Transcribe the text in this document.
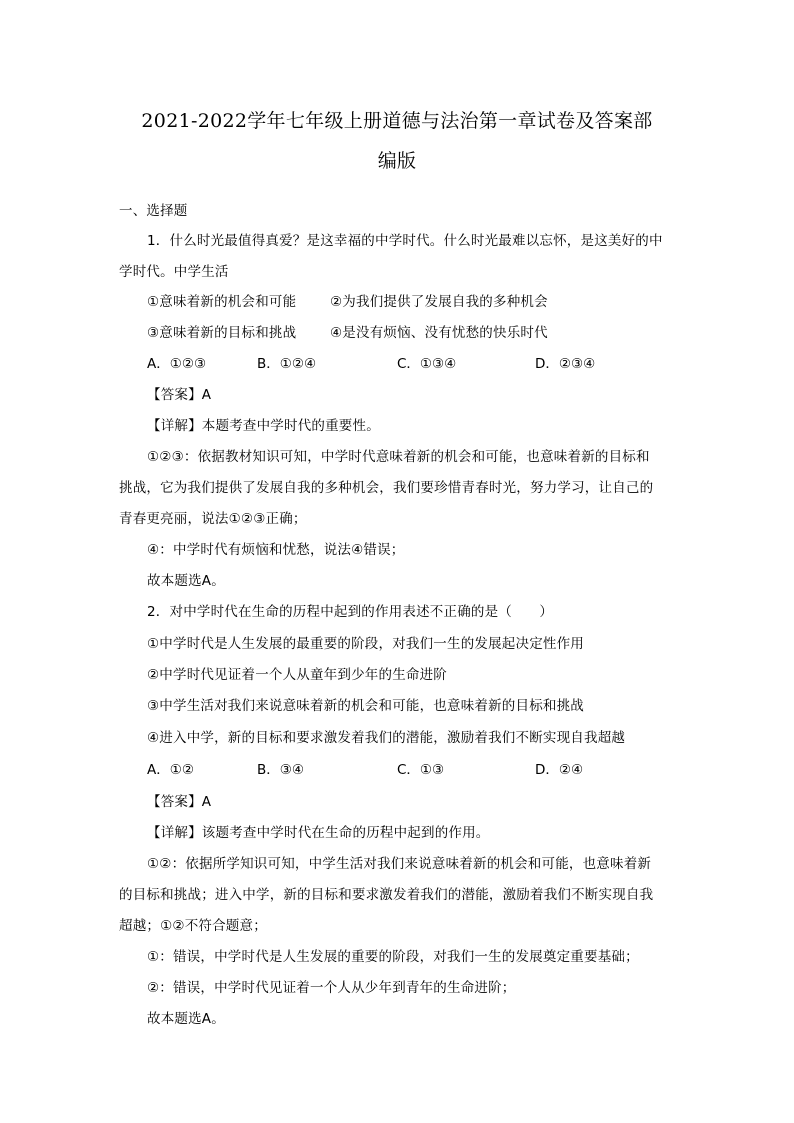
2021-2022学年七年级上册道德与法治第一章试卷及答案部
编版
一、选择题
1．什么时光最值得真爱？是这幸福的中学时代。什么时光最难以忘怀，是这美好的中
学时代。中学生活
①意味着新的机会和可能 ②为我们提供了发展自我的多种机会
③意味着新的目标和挑战 ④是没有烦恼、没有忧愁的快乐时代
A．①②③	B．①②④	C．①③④	D．②③④
【答案】A
【详解】本题考查中学时代的重要性。
①②③：依据教材知识可知，中学时代意味着新的机会和可能，也意味着新的目标和
挑战，它为我们提供了发展自我的多种机会，我们要珍惜青春时光，努力学习，让自己的
青春更亮丽，说法①②③正确；
④：中学时代有烦恼和忧愁，说法④错误；
故本题选A。
2．对中学时代在生命的历程中起到的作用表述不正确的是（　　）
①中学时代是人生发展的最重要的阶段，对我们一生的发展起决定性作用
②中学时代见证着一个人从童年到少年的生命进阶
③中学生活对我们来说意味着新的机会和可能，也意味着新的目标和挑战
④进入中学，新的目标和要求激发着我们的潜能，激励着我们不断实现自我超越
A．①②	B．③④	C．①③	D．②④
【答案】A
【详解】该题考查中学时代在生命的历程中起到的作用。
①②：依据所学知识可知，中学生活对我们来说意味着新的机会和可能，也意味着新
的目标和挑战；进入中学，新的目标和要求激发着我们的潜能，激励着我们不断实现自我
超越；①②不符合题意；
①：错误，中学时代是人生发展的重要的阶段，对我们一生的发展奠定重要基础；
②：错误，中学时代见证着一个人从少年到青年的生命进阶；
故本题选A。
